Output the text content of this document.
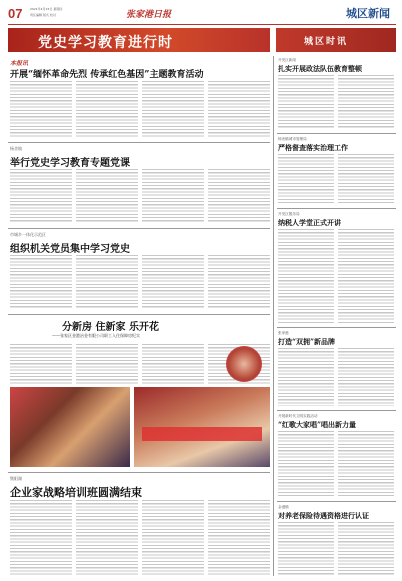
07	2021年4月15日 星期四
责任编辑 版式 校对	张家港日报	城区新闻
党史学习教育进行时	城区时讯
本报讯
开展“缅怀革命先烈 传承红色基因”主题教育活动
杨舍镇
举行党史学习教育专题党课
市城乡一体化示范区
组织机关党员集中学习党史
分新房 住新家 乐开花
——张家区金港冶金有限公司职工入住保障房纪实
暨阳湖
企业家战略培训班圆满结束
开发区新闻
扎实开展政法队伍教育整顿
杨舍镇城市管理局
严格督查落实治理工作
开发区服务局
纳税人学堂正式开讲
张家港
打造“双拥”新品牌
开展新时代文明实践活动
“红歌大家唱”唱出新力量
金港镇
对养老保险待遇资格进行认证
